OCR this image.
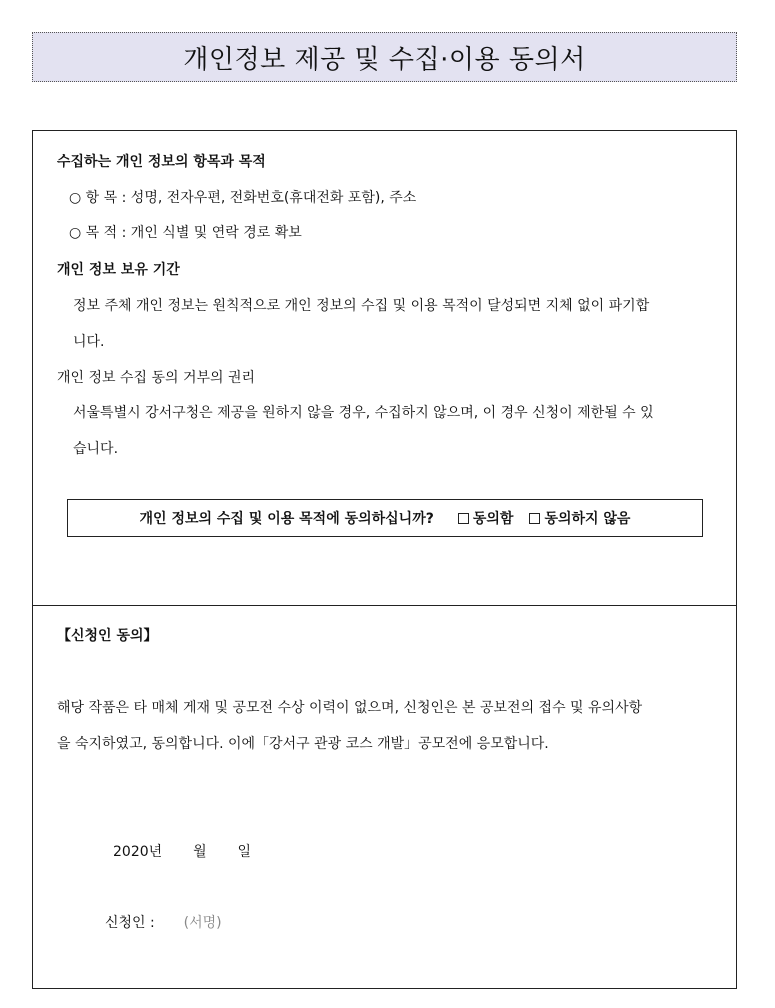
개인정보 제공 및 수집·이용 동의서
수집하는 개인 정보의 항목과 목적
○ 항 목 : 성명, 전자우편, 전화번호(휴대전화 포함), 주소
○ 목 적 : 개인 식별 및 연락 경로 확보
개인 정보 보유 기간
정보 주체 개인 정보는 원칙적으로 개인 정보의 수집 및 이용 목적이 달성되면 지체 없이 파기합
니다.
개인 정보 수집 동의 거부의 권리
서울특별시 강서구청은 제공을 원하지 않을 경우, 수집하지 않으며, 이 경우 신청이 제한될 수 있
습니다.
개인 정보의 수집 및 이용 목적에 동의하십니까?	동의함 동의하지 않음
【신청인 동의】
해당 작품은 타 매체 게재 및 공모전 수상 이력이 없으며, 신청인은 본 공보전의 접수 및 유의사항
을 숙지하였고, 동의합니다. 이에「강서구 관광 코스 개발」공모전에 응모합니다.
2020년 월 일
신청인 : (서명)
